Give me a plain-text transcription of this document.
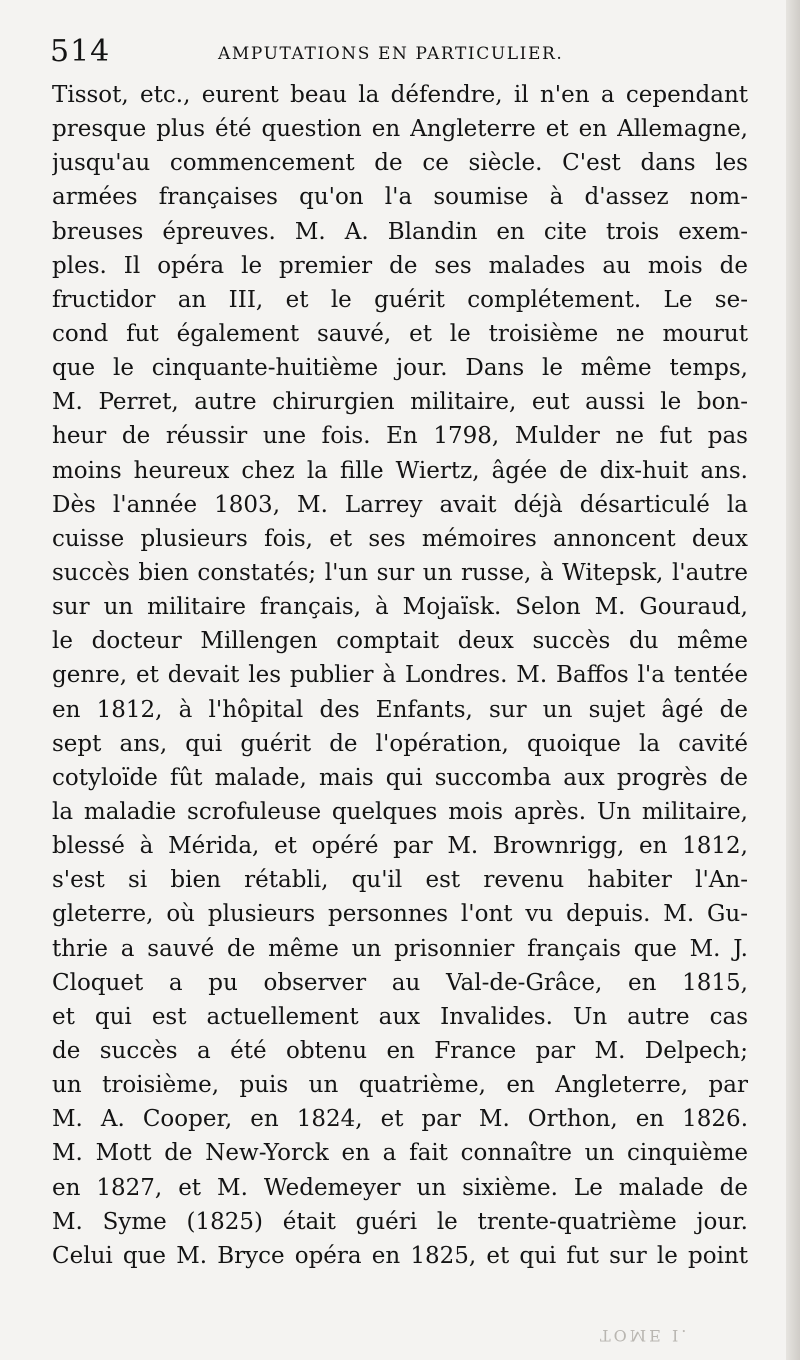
514	AMPUTATIONS EN PARTICULIER.
Tissot, etc., eurent beau la défendre, il n'en a cependant
presque plus été question en Angleterre et en Allemagne,
jusqu'au commencement de ce siècle. C'est dans les
armées françaises qu'on l'a soumise à d'assez nom-
breuses épreuves. M. A. Blandin en cite trois exem-
ples. Il opéra le premier de ses malades au mois de
fructidor an III, et le guérit complétement. Le se-
cond fut également sauvé, et le troisième ne mourut
que le cinquante-huitième jour. Dans le même temps,
M. Perret, autre chirurgien militaire, eut aussi le bon-
heur de réussir une fois. En 1798, Mulder ne fut pas
moins heureux chez la fille Wiertz, âgée de dix-huit ans.
Dès l'année 1803, M. Larrey avait déjà désarticulé la
cuisse plusieurs fois, et ses mémoires annoncent deux
succès bien constatés; l'un sur un russe, à Witepsk, l'autre
sur un militaire français, à Mojaïsk. Selon M. Gouraud,
le docteur Millengen comptait deux succès du même
genre, et devait les publier à Londres. M. Baffos l'a tentée
en 1812, à l'hôpital des Enfants, sur un sujet âgé de
sept ans, qui guérit de l'opération, quoique la cavité
cotyloïde fût malade, mais qui succomba aux progrès de
la maladie scrofuleuse quelques mois après. Un militaire,
blessé à Mérida, et opéré par M. Brownrigg, en 1812,
s'est si bien rétabli, qu'il est revenu habiter l'An-
gleterre, où plusieurs personnes l'ont vu depuis. M. Gu-
thrie a sauvé de même un prisonnier français que M. J.
Cloquet a pu observer au Val-de-Grâce, en 1815,
et qui est actuellement aux Invalides. Un autre cas
de succès a été obtenu en France par M. Delpech;
un troisième, puis un quatrième, en Angleterre, par
M. A. Cooper, en 1824, et par M. Orthon, en 1826.
M. Mott de New-Yorck en a fait connaître un cinquième
en 1827, et M. Wedemeyer un sixième. Le malade de
M. Syme (1825) était guéri le trente-quatrième jour.
Celui que M. Bryce opéra en 1825, et qui fut sur le point
TOME I.
